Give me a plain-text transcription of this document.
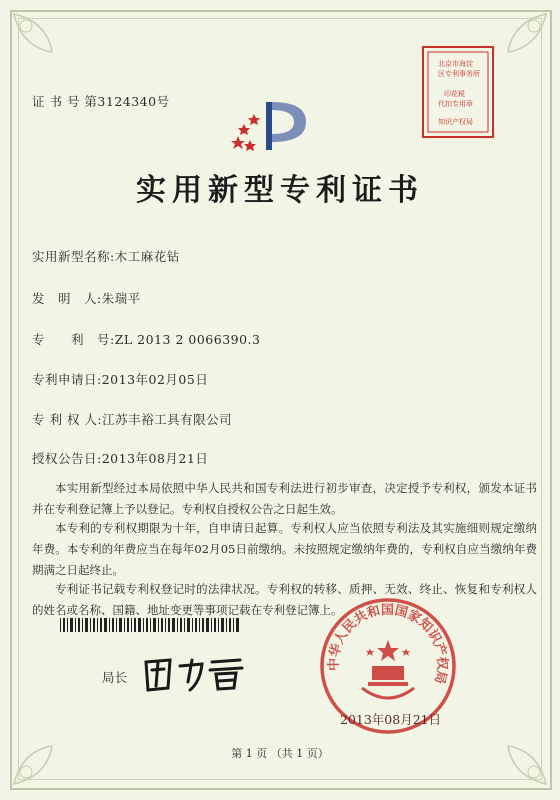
证 书 号 第3124340号
北京市海淀
区专利事务所
印花税
代扣专用章
知识产权局
实用新型专利证书
实用新型名称:木工麻花钻
发　明　人:朱瑞平
专　　利　号:ZL 2013 2 0066390.3
专利申请日:2013年02月05日
专 利 权 人:江苏丰裕工具有限公司
授权公告日:2013年08月21日

本实用新型经过本局依照中华人民共和国专利法进行初步审查，决定授予专利权，颁发本证书并在专利登记簿上予以登记。专利权自授权公告之日起生效。

本专利的专利权期限为十年，自申请日起算。专利权人应当依照专利法及其实施细则规定缴纳年费。本专利的年费应当在每年02月05日前缴纳。未按照规定缴纳年费的，专利权自应当缴纳年费期满之日起终止。

专利证书记载专利权登记时的法律状况。专利权的转移、质押、无效、终止、恢复和专利权人的姓名或名称、国籍、地址变更等事项记载在专利登记簿上。

局长
中华人民共和国国家知识产权局
2013年08月21日
第 1 页 （共 1 页）
